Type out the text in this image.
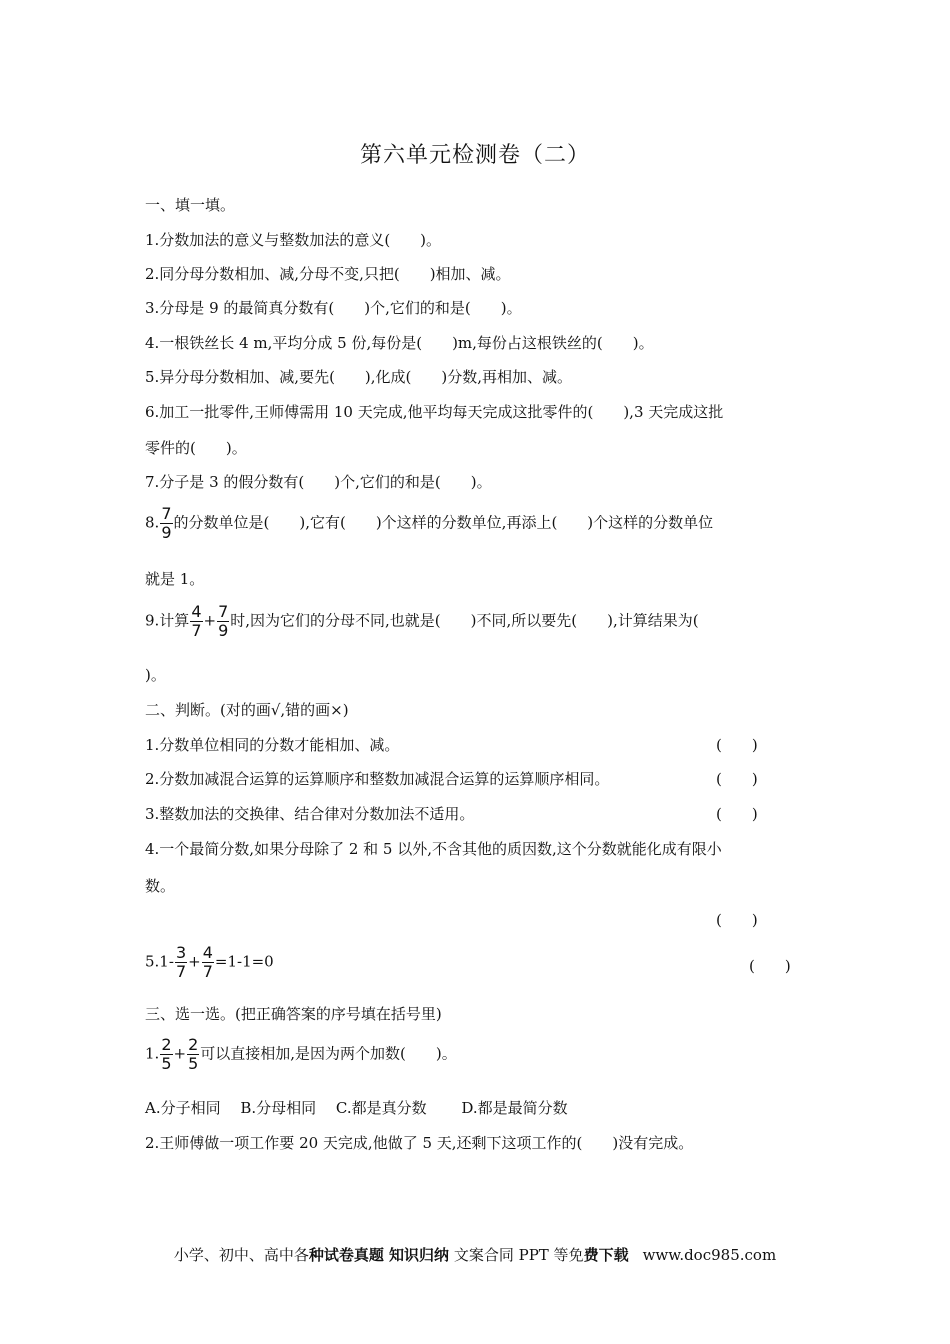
第六单元检测卷（二）
一、填一填。
1.分数加法的意义与整数加法的意义(　　)。
2.同分母分数相加、减,分母不变,只把(　　)相加、减。
3.分母是 9 的最简真分数有(　　)个,它们的和是(　　)。
4.一根铁丝长 4 m,平均分成 5 份,每份是(　　)m,每份占这根铁丝的(　　)。
5.异分母分数相加、减,要先(　　),化成(　　)分数,再相加、减。
6.加工一批零件,王师傅需用 10 天完成,他平均每天完成这批零件的(　　),3 天完成这批
零件的(　　)。
7.分子是 3 的假分数有(　　)个,它们的和是(　　)。
8. $\frac{7}{9}$ 的分数单位是(　　),它有(　　)个这样的分数单位,再添上(　　)个这样的分数单位
就是 1。
9.计算 $\frac{4}{7} + \frac{7}{9}$ 时,因为它们的分母不同,也就是(　　)不同,所以要先(　　),计算结果为(
)。
二、判断。(对的画√,错的画×)
1.分数单位相同的分数才能相加、减。	(　　)
2.分数加减混合运算的运算顺序和整数加减混合运算的运算顺序相同。	(　　)
3.整数加法的交换律、结合律对分数加法不适用。	(　　)
4.一个最简分数,如果分母除了 2 和 5 以外,不含其他的质因数,这个分数就能化成有限小
数。
(　　)
$5.1- \frac{3}{7} + \frac{4}{7} =1-1=0$	(　　)
三、选一选。(把正确答案的序号填在括号里)
1. $\frac{2}{5} + \frac{2}{5}$ 可以直接相加,是因为两个加数(　　)。
A.分子相同　 B.分母相同　 C.都是真分数　　 D.都是最简分数
2.王师傅做一项工作要 20 天完成,他做了 5 天,还剩下这项工作的(　　)没有完成。
小学、初中、高中各种试卷真题 知识归纳 文案合同 PPT 等免费下载 www.doc985.com
